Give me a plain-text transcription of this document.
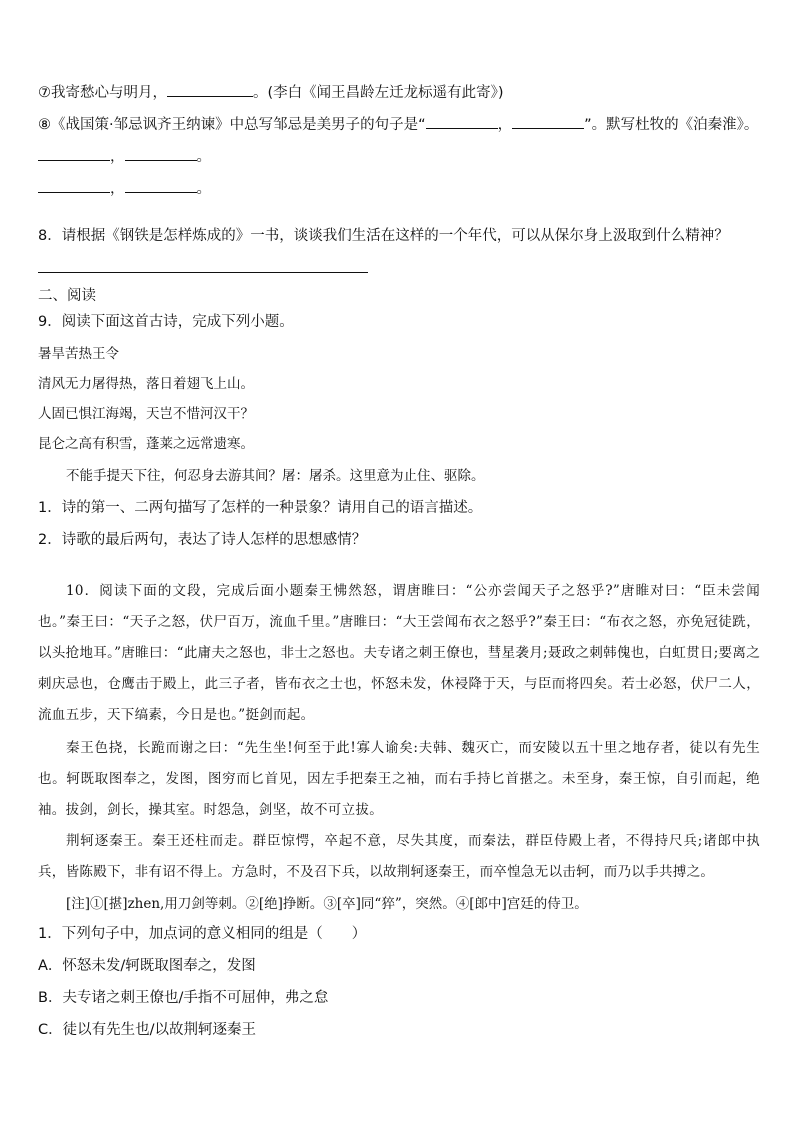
⑦我寄愁心与明月，	。(李白《闻王昌龄左迁龙标遥有此寄》)
⑧《战国策·邹忌讽齐王纳谏》中总写邹忌是美男子的句子是“	，	”。默写杜牧的《泊秦淮》。
，	。
，	。
8．请根据《钢铁是怎样炼成的》一书，谈谈我们生活在这样的一个年代，可以从保尔身上汲取到什么精神？
二、阅读
9．阅读下面这首古诗，完成下列小题。
暑旱苦热王令
清风无力屠得热，落日着翅飞上山。
人固已惧江海竭，天岂不惜河汉干？
昆仑之高有积雪，蓬莱之远常遗寒。
不能手提天下往，何忍身去游其间？屠：屠杀。这里意为止住、驱除。
1．诗的第一、二两句描写了怎样的一种景象？请用自己的语言描述。
2．诗歌的最后两句，表达了诗人怎样的思想感情？
10．阅读下面的文段，完成后面小题秦王怫然怒，谓唐睢曰：“公亦尝闻天子之怒乎?”唐睢对曰：“臣未尝闻也。”秦王曰：“天子之怒，伏尸百万，流血千里。”唐睢曰：“大王尝闻布衣之怒乎?”秦王曰：“布衣之怒，亦免冠徒跣，以头抢地耳。”唐睢曰：“此庸夫之怒也，非士之怒也。夫专诸之刺王僚也，彗星袭月;聂政之刺韩傀也，白虹贯日;要离之刺庆忌也，仓鹰击于殿上，此三子者，皆布衣之士也，怀怒未发，休祲降于天，与臣而将四矣。若士必怒，伏尸二人，流血五步，天下缟素，今日是也。”挺剑而起。
秦王色挠，长跪而谢之曰：“先生坐!何至于此!寡人谕矣:夫韩、魏灭亡，而安陵以五十里之地存者，徒以有先生也。轲既取图奉之，发图，图穷而匕首见，因左手把秦王之袖，而右手持匕首揕之。未至身，秦王惊，自引而起，绝袖。拔剑，剑长，操其室。时怨急，剑坚，故不可立拔。
荆轲逐秦王。秦王还柱而走。群臣惊愕，卒起不意，尽失其度，而秦法，群臣侍殿上者，不得持尺兵;诸郎中执兵，皆陈殿下，非有诏不得上。方急时，不及召下兵，以故荆轲逐秦王，而卒惶急无以击轲，而乃以手共搏之。
[注]①[揕]zhen,用刀剑等刺。②[绝]挣断。③[卒]同“猝”，突然。④[郎中]宫廷的侍卫。
1．下列句子中，加点词的意义相同的组是（　　）
A．怀怒未发/轲既取图奉之，发图
B．夫专诸之刺王僚也/手指不可屈伸，弗之怠
C．徒以有先生也/以故荆轲逐秦王
